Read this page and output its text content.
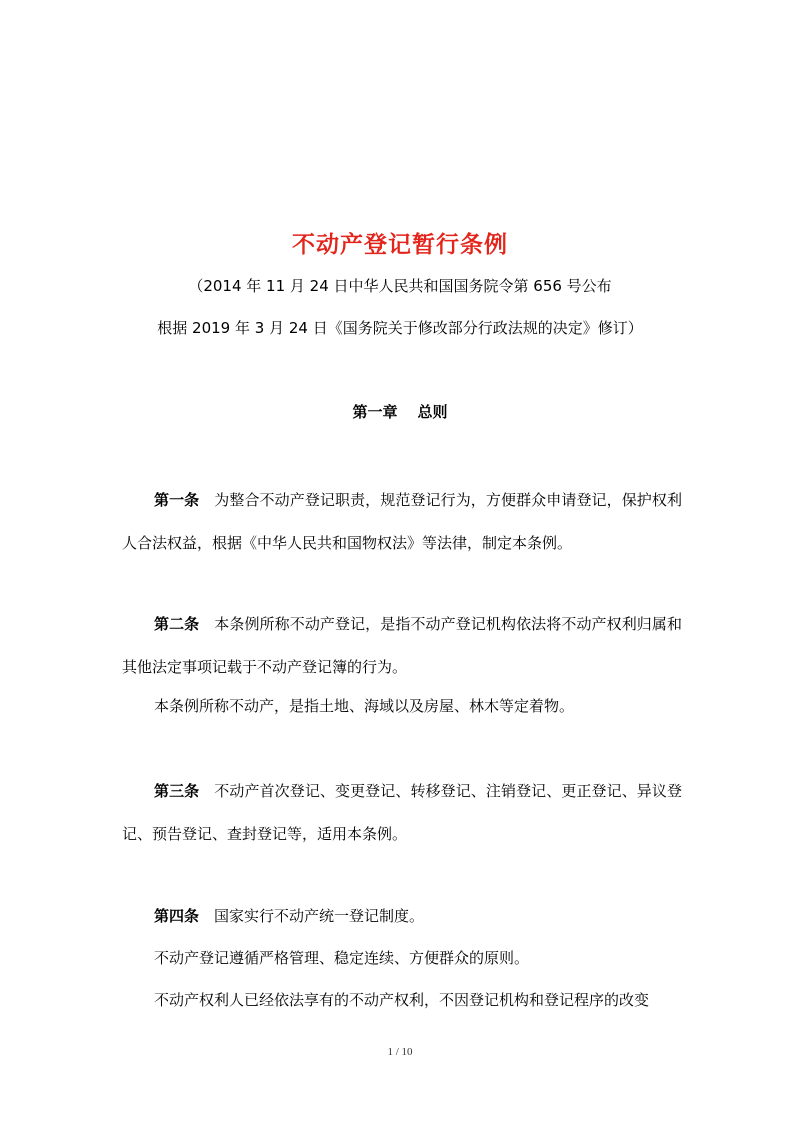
不动产登记暂行条例
（2014 年 11 月 24 日中华人民共和国国务院令第 656 号公布
根据 2019 年 3 月 24 日《国务院关于修改部分行政法规的决定》修订）
第一章 总则
第一条 为整合不动产登记职责，规范登记行为，方便群众申请登记，保护权利人合法权益，根据《中华人民共和国物权法》等法律，制定本条例。
第二条 本条例所称不动产登记，是指不动产登记机构依法将不动产权利归属和其他法定事项记载于不动产登记簿的行为。
本条例所称不动产，是指土地、海域以及房屋、林木等定着物。
第三条 不动产首次登记、变更登记、转移登记、注销登记、更正登记、异议登记、预告登记、查封登记等，适用本条例。
第四条 国家实行不动产统一登记制度。
不动产登记遵循严格管理、稳定连续、方便群众的原则。
不动产权利人已经依法享有的不动产权利，不因登记机构和登记程序的改变
1 / 10
